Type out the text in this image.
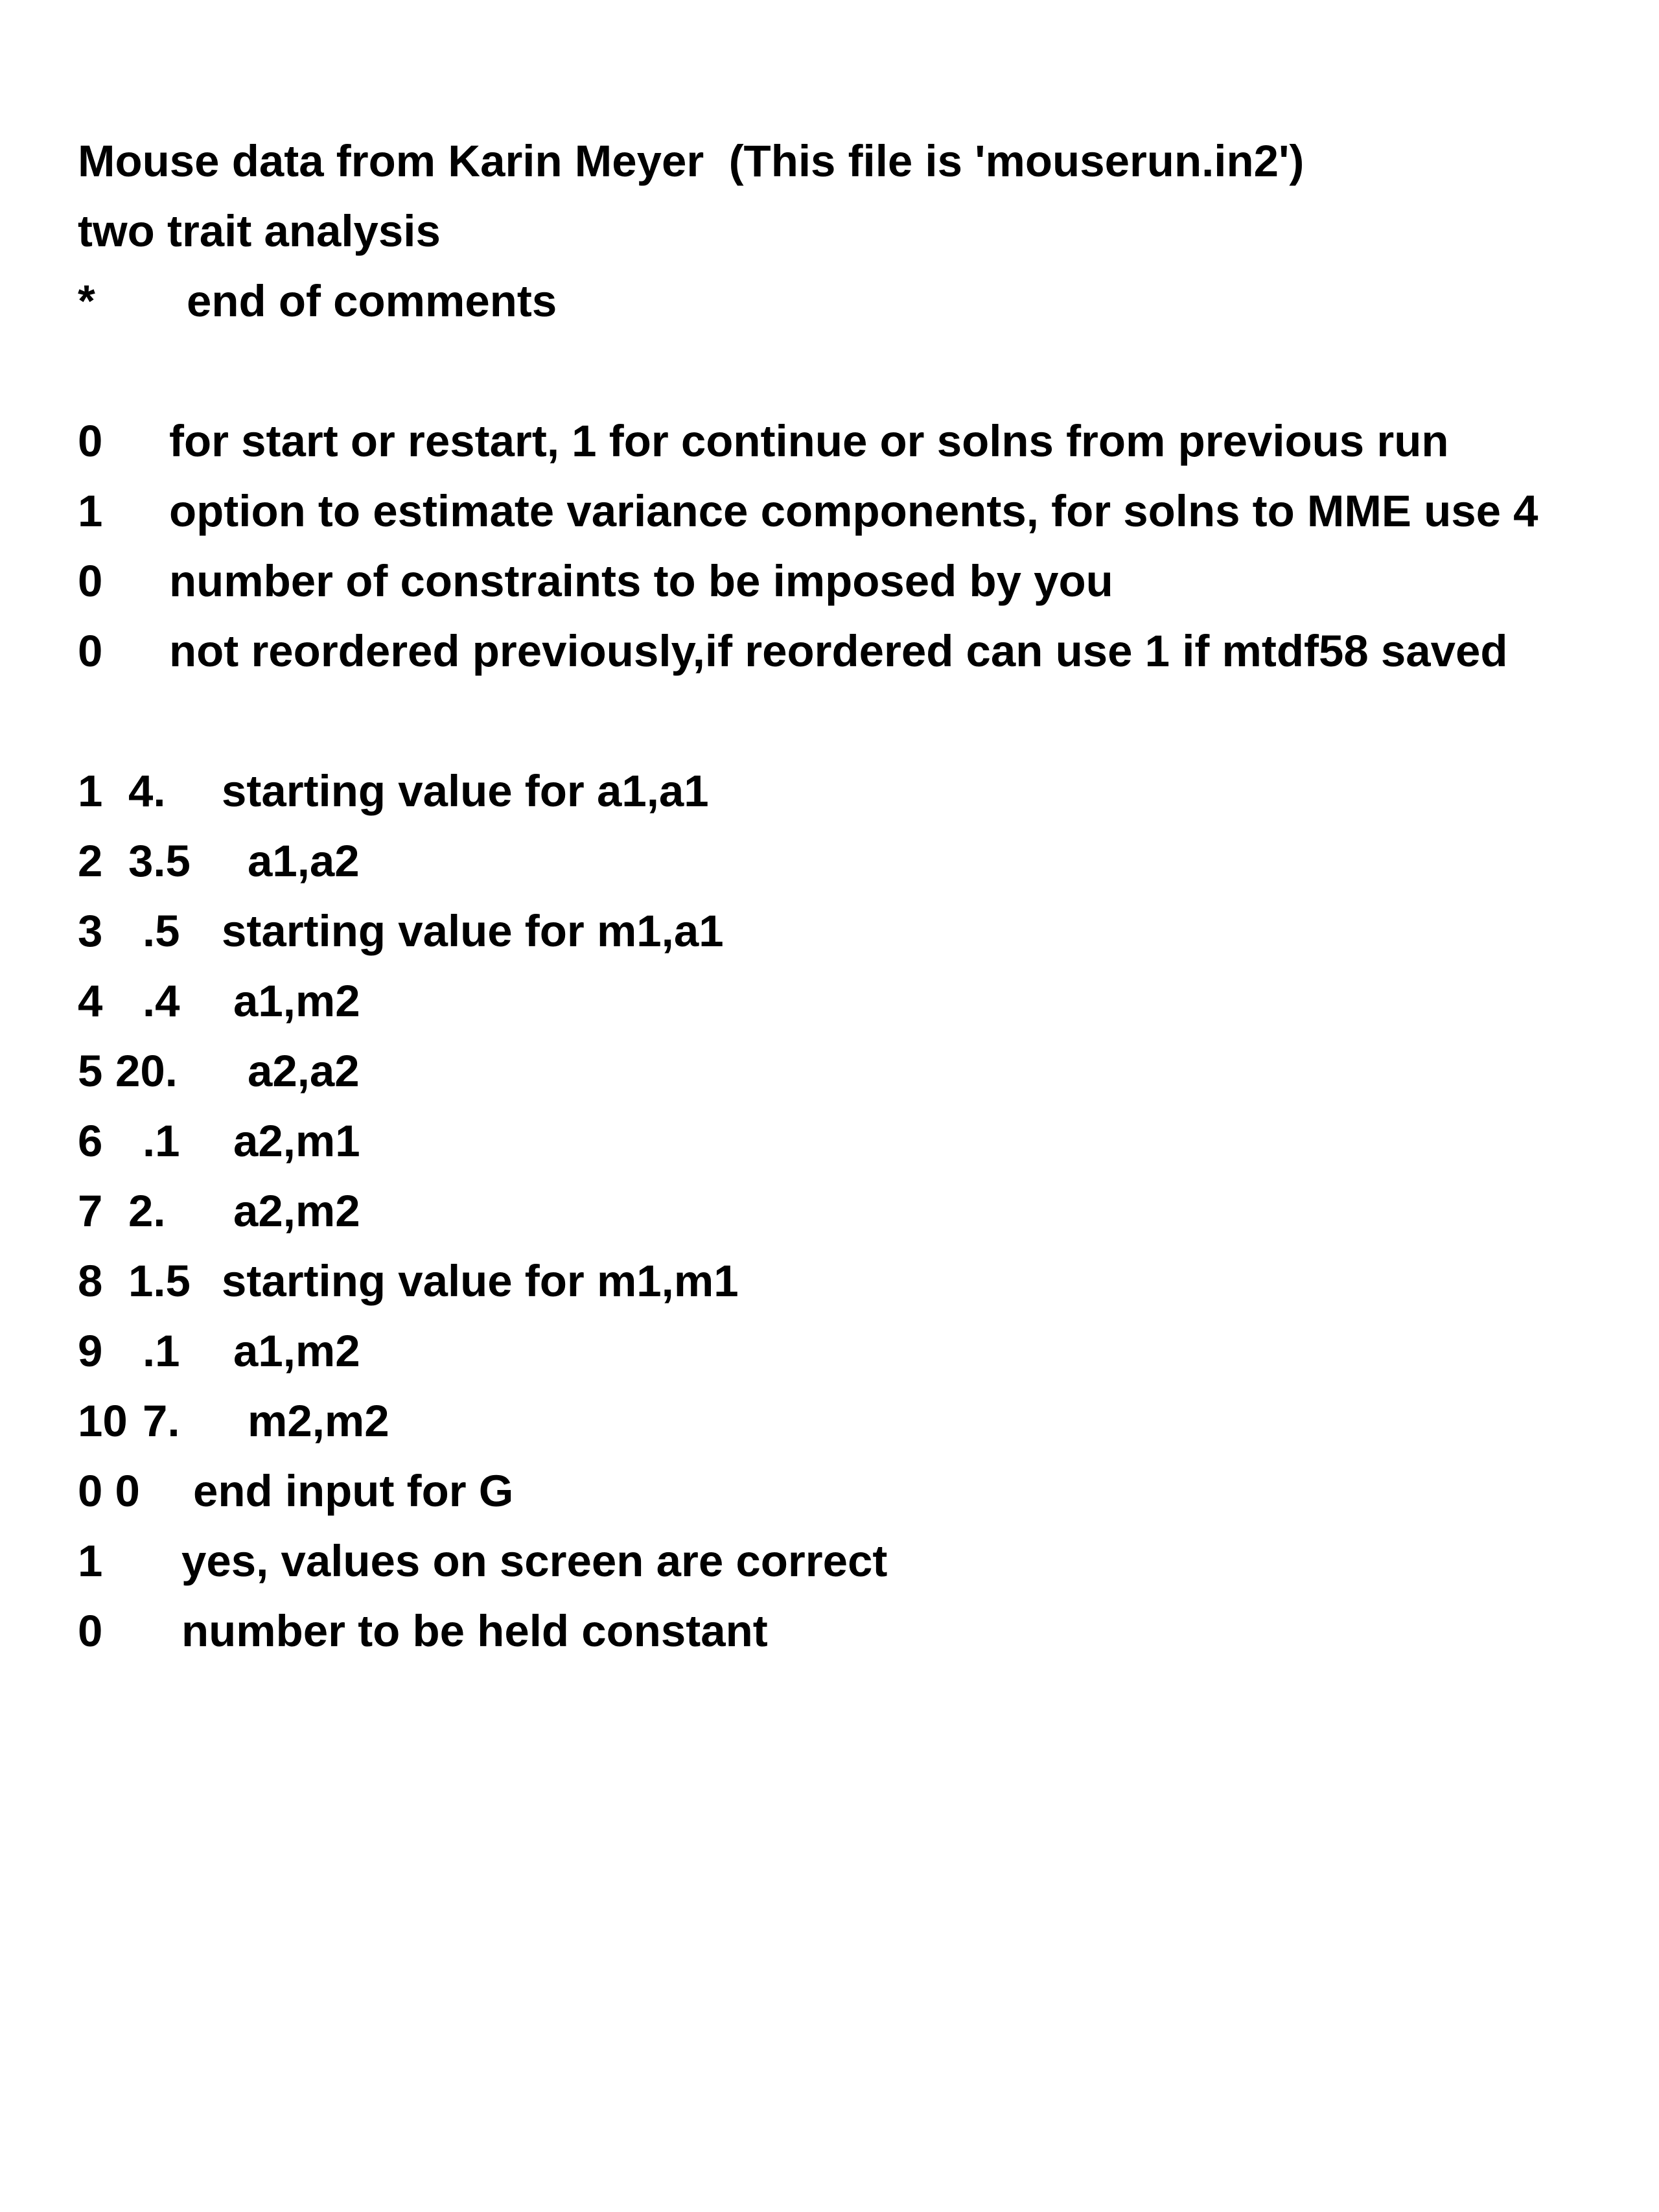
Mouse data from Karin Meyer  (This file is 'mouserun.in2')

two trait analysis

*

end of comments

0

for start or restart, 1 for continue or solns from previous run

1

option to estimate variance components, for solns to MME use 4

0

number of constraints to be imposed by you

0

not reordered previously,if reordered can use 1 if mtdf58 saved

1

4.

starting value for a1,a1

2

3.5

a1,a2

3

.5

starting value for m1,a1

4

.4

a1,m2

5

20.

a2,a2

6

.1

a2,m1

7

2.

a2,m2

8

1.5

starting value for m1,m1

9

.1

a1,m2

10

7.

m2,m2

0 0

end input for G

1

yes, values on screen are correct

0

number to be held constant
